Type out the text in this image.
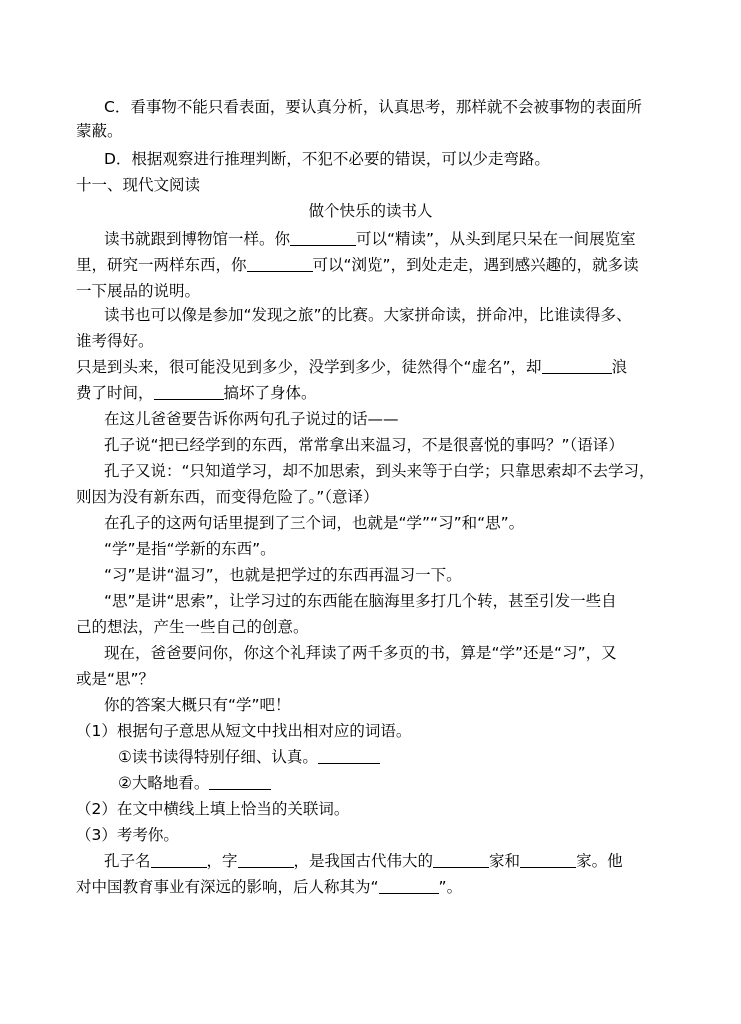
C．看事物不能只看表面，要认真分析，认真思考，那样就不会被事物的表面所
蒙蔽。
D．根据观察进行推理判断，不犯不必要的错误，可以少走弯路。
十一、现代文阅读
做个快乐的读书人
读书就跟到博物馆一样。你	可以“精读”，从头到尾只呆在一间展览室
里，研究一两样东西，你	可以“浏览”，到处走走，遇到感兴趣的，就多读
一下展品的说明。
读书也可以像是参加“发现之旅”的比赛。大家拼命读，拼命冲，比谁读得多、
谁考得好。
只是到头来，很可能没见到多少，没学到多少，徒然得个“虚名”，却	浪
费了时间，	搞坏了身体。
在这儿爸爸要告诉你两句孔子说过的话——
孔子说“把已经学到的东西，常常拿出来温习，不是很喜悦的事吗？”（语译）
孔子又说：“只知道学习，却不加思索，到头来等于白学；只靠思索却不去学习，
则因为没有新东西，而变得危险了。”（意译）
在孔子的这两句话里提到了三个词，也就是“学”“习”和“思”。
“学”是指“学新的东西”。
“习”是讲“温习”，也就是把学过的东西再温习一下。
“思”是讲“思索”，让学习过的东西能在脑海里多打几个转，甚至引发一些自
己的想法，产生一些自己的创意。
现在，爸爸要问你，你这个礼拜读了两千多页的书，算是“学”还是“习”，又
或是“思”？
你的答案大概只有“学”吧！
（1）根据句子意思从短文中找出相对应的词语。
①读书读得特别仔细、认真。
②大略地看。
（2）在文中横线上填上恰当的关联词。
（3）考考你。
孔子名	，字	，是我国古代伟大的	家和	家。他
对中国教育事业有深远的影响，后人称其为“	”。
